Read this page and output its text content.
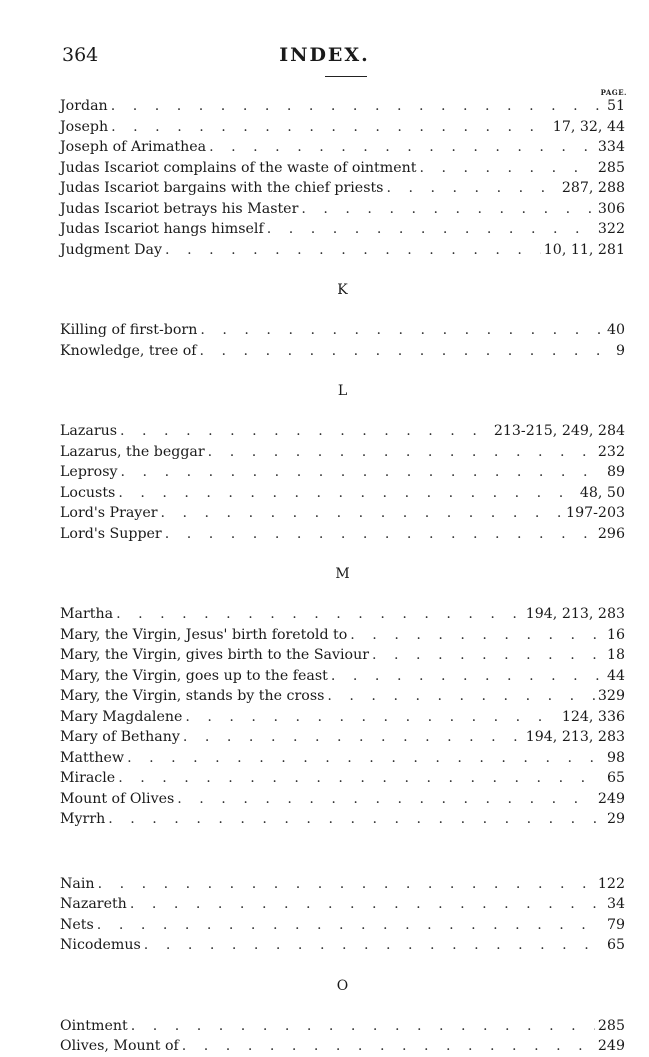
364	INDEX.
PAGE.
Jordan . . .	51
Joseph . . .	17, 32, 44
Joseph of Arimathea . . .	334
Judas Iscariot complains of the waste of ointment . . .	285
Judas Iscariot bargains with the chief priests . . .	287, 288
Judas Iscariot betrays his Master . . .	306
Judas Iscariot hangs himself . . .	322
Judgment Day . . .	10, 11, 281
K
Killing of first-born . . .	40
Knowledge, tree of . . .	9
L
Lazarus . . .	213-215, 249, 284
Lazarus, the beggar . . .	232
Leprosy . . .	89
Locusts . . .	48, 50
Lord's Prayer . . .	197-203
Lord's Supper . . .	296
M
Martha . . .	194, 213, 283
Mary, the Virgin, Jesus' birth foretold to . . .	16
Mary, the Virgin, gives birth to the Saviour . . .	18
Mary, the Virgin, goes up to the feast . . .	44
Mary, the Virgin, stands by the cross . . .	329
Mary Magdalene . . .	124, 336
Mary of Bethany . . .	194, 213, 283
Matthew . . .	98
Miracle . . .	65
Mount of Olives . . .	249
Myrrh . . .	29
Nain . . .	122
Nazareth . . .	34
Nets . . .	79
Nicodemus . . .	65
O
Ointment . . .	285
Olives, Mount of . . .	249
